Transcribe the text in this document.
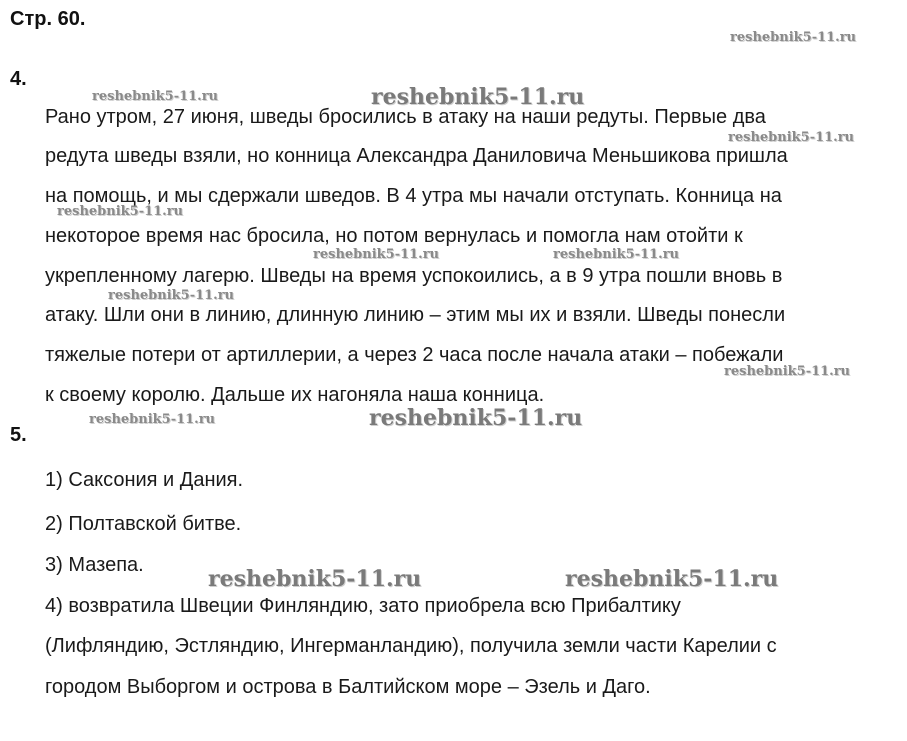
Стр. 60.
4.
Рано утром, 27 июня, шведы бросились в атаку на наши редуты. Первые два
редута шведы взяли, но конница Александра Даниловича Меньшикова пришла
на помощь, и мы сдержали шведов. В 4 утра мы начали отступать. Конница на
некоторое время нас бросила, но потом вернулась и помогла нам отойти к
укрепленному лагерю. Шведы на время успокоились, а в 9 утра пошли вновь в
атаку. Шли они в линию, длинную линию – этим мы их и взяли. Шведы понесли
тяжелые потери от артиллерии, а через 2 часа после начала атаки – побежали
к своему королю. Дальше их нагоняла наша конница.
5.
1) Саксония и Дания.
2) Полтавской битве.
3) Мазепа.
4) возвратила Швеции Финляндию, зато приобрела всю Прибалтику
(Лифляндию, Эстляндию, Ингерманландию), получила земли части Карелии с
городом Выборгом и острова в Балтийском море – Эзель и Даго.
reshebnik5-11.ru
reshebnik5-11.ru	reshebnik5-11.ru
reshebnik5-11.ru
reshebnik5-11.ru
reshebnik5-11.ru	reshebnik5-11.ru
reshebnik5-11.ru
reshebnik5-11.ru
reshebnik5-11.ru	reshebnik5-11.ru
reshebnik5-11.ru	reshebnik5-11.ru
